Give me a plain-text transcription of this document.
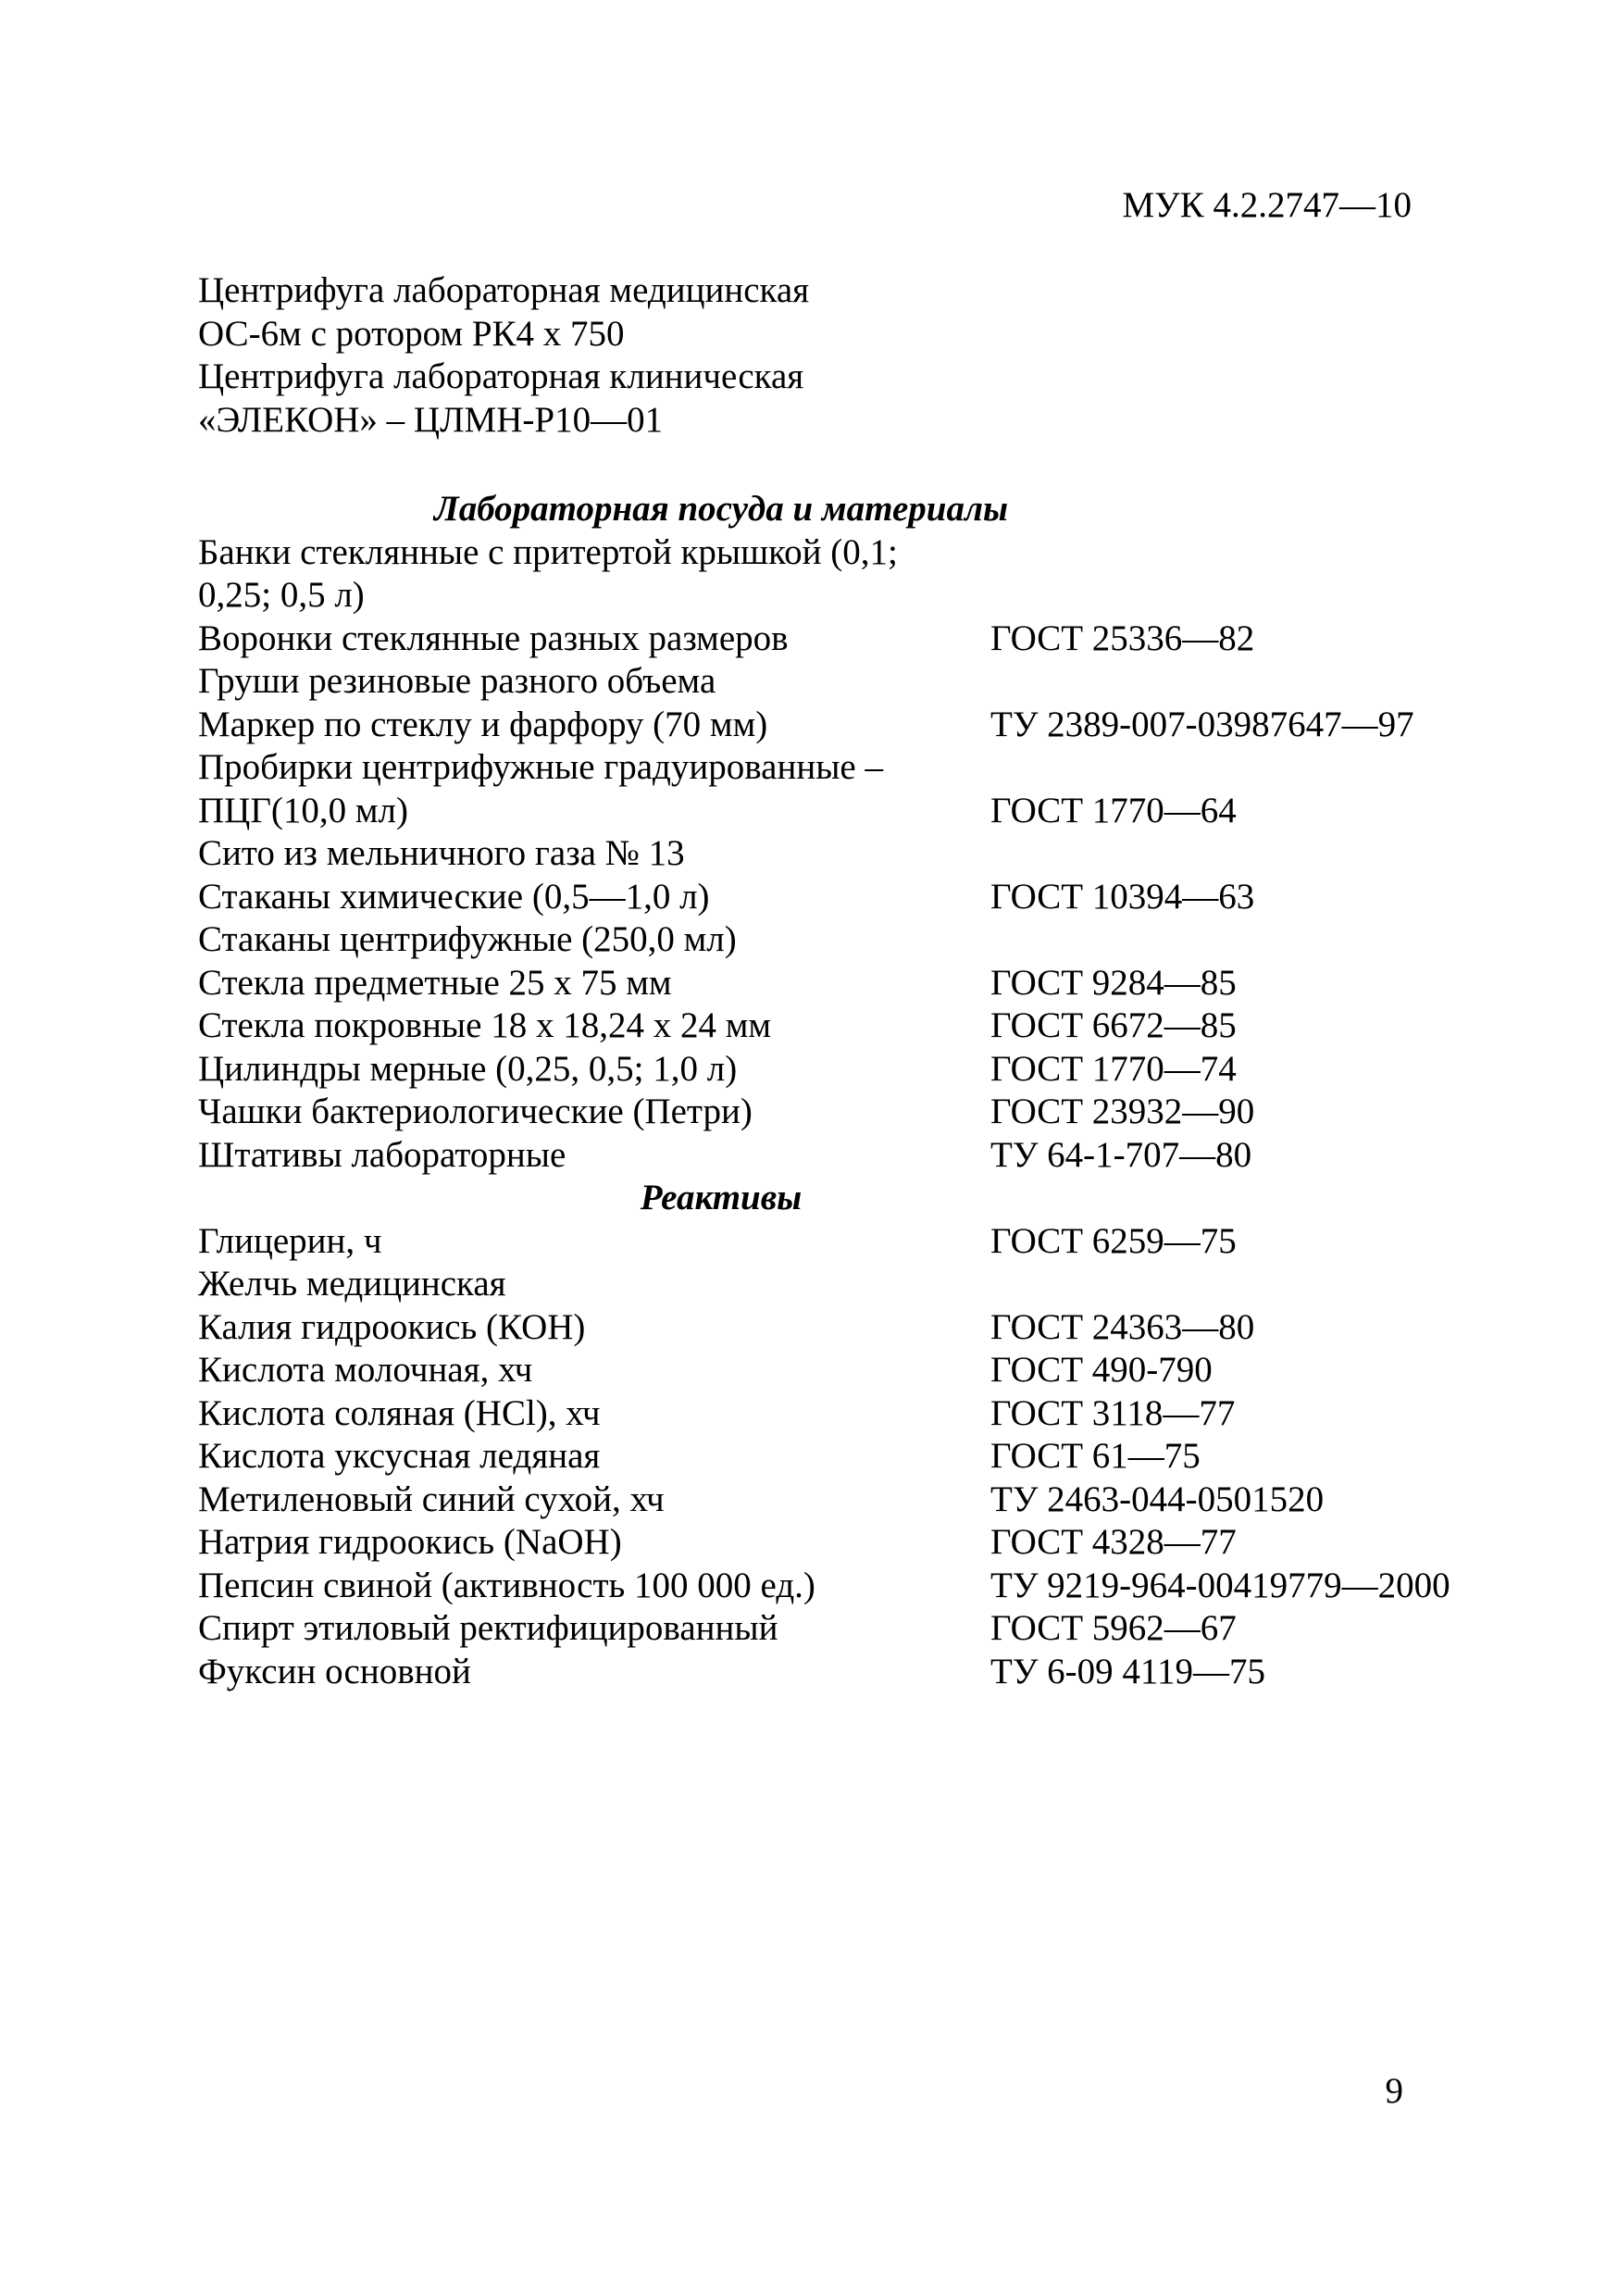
МУК 4.2.2747—10
Центрифуга лабораторная медицинская
ОС-6м с ротором РК4 х 750
Центрифуга лабораторная клиническая
«ЭЛЕКОН» – ЦЛМН-Р10—01
Лабораторная посуда и материалы
Банки стеклянные с притертой крышкой (0,1; 0,25; 0,5 л)
Воронки стеклянные разных размеров	ГОСТ 25336—82
Груши резиновые разного объема
Маркер по стеклу и фарфору (70 мм)	ТУ 2389-007-03987647—97
Пробирки центрифужные градуированные – ПЦГ(10,0 мл)	ГОСТ 1770—64
Сито из мельничного газа № 13
Стаканы химические (0,5—1,0 л)	ГОСТ 10394—63
Стаканы центрифужные (250,0 мл)
Стекла предметные 25 х 75 мм	ГОСТ 9284—85
Стекла покровные 18 х 18,24 х 24 мм	ГОСТ 6672—85
Цилиндры мерные (0,25, 0,5; 1,0 л)	ГОСТ 1770—74
Чашки бактериологические (Петри)	ГОСТ 23932—90
Штативы лабораторные	ТУ 64-1-707—80
Реактивы
Глицерин, ч	ГОСТ 6259—75
Желчь медицинская
Калия гидроокись (КОН)	ГОСТ 24363—80
Кислота молочная, хч	ГОСТ 490-790
Кислота соляная (HCl), хч	ГОСТ 3118—77
Кислота уксусная ледяная	ГОСТ 61—75
Метиленовый синий сухой, хч	ТУ 2463-044-0501520
Натрия гидроокись (NaOH)	ГОСТ 4328—77
Пепсин свиной (активность 100 000 ед.)	ТУ 9219-964-00419779—2000
Спирт этиловый ректифицированный	ГОСТ 5962—67
Фуксин основной	ТУ 6-09 4119—75
9
